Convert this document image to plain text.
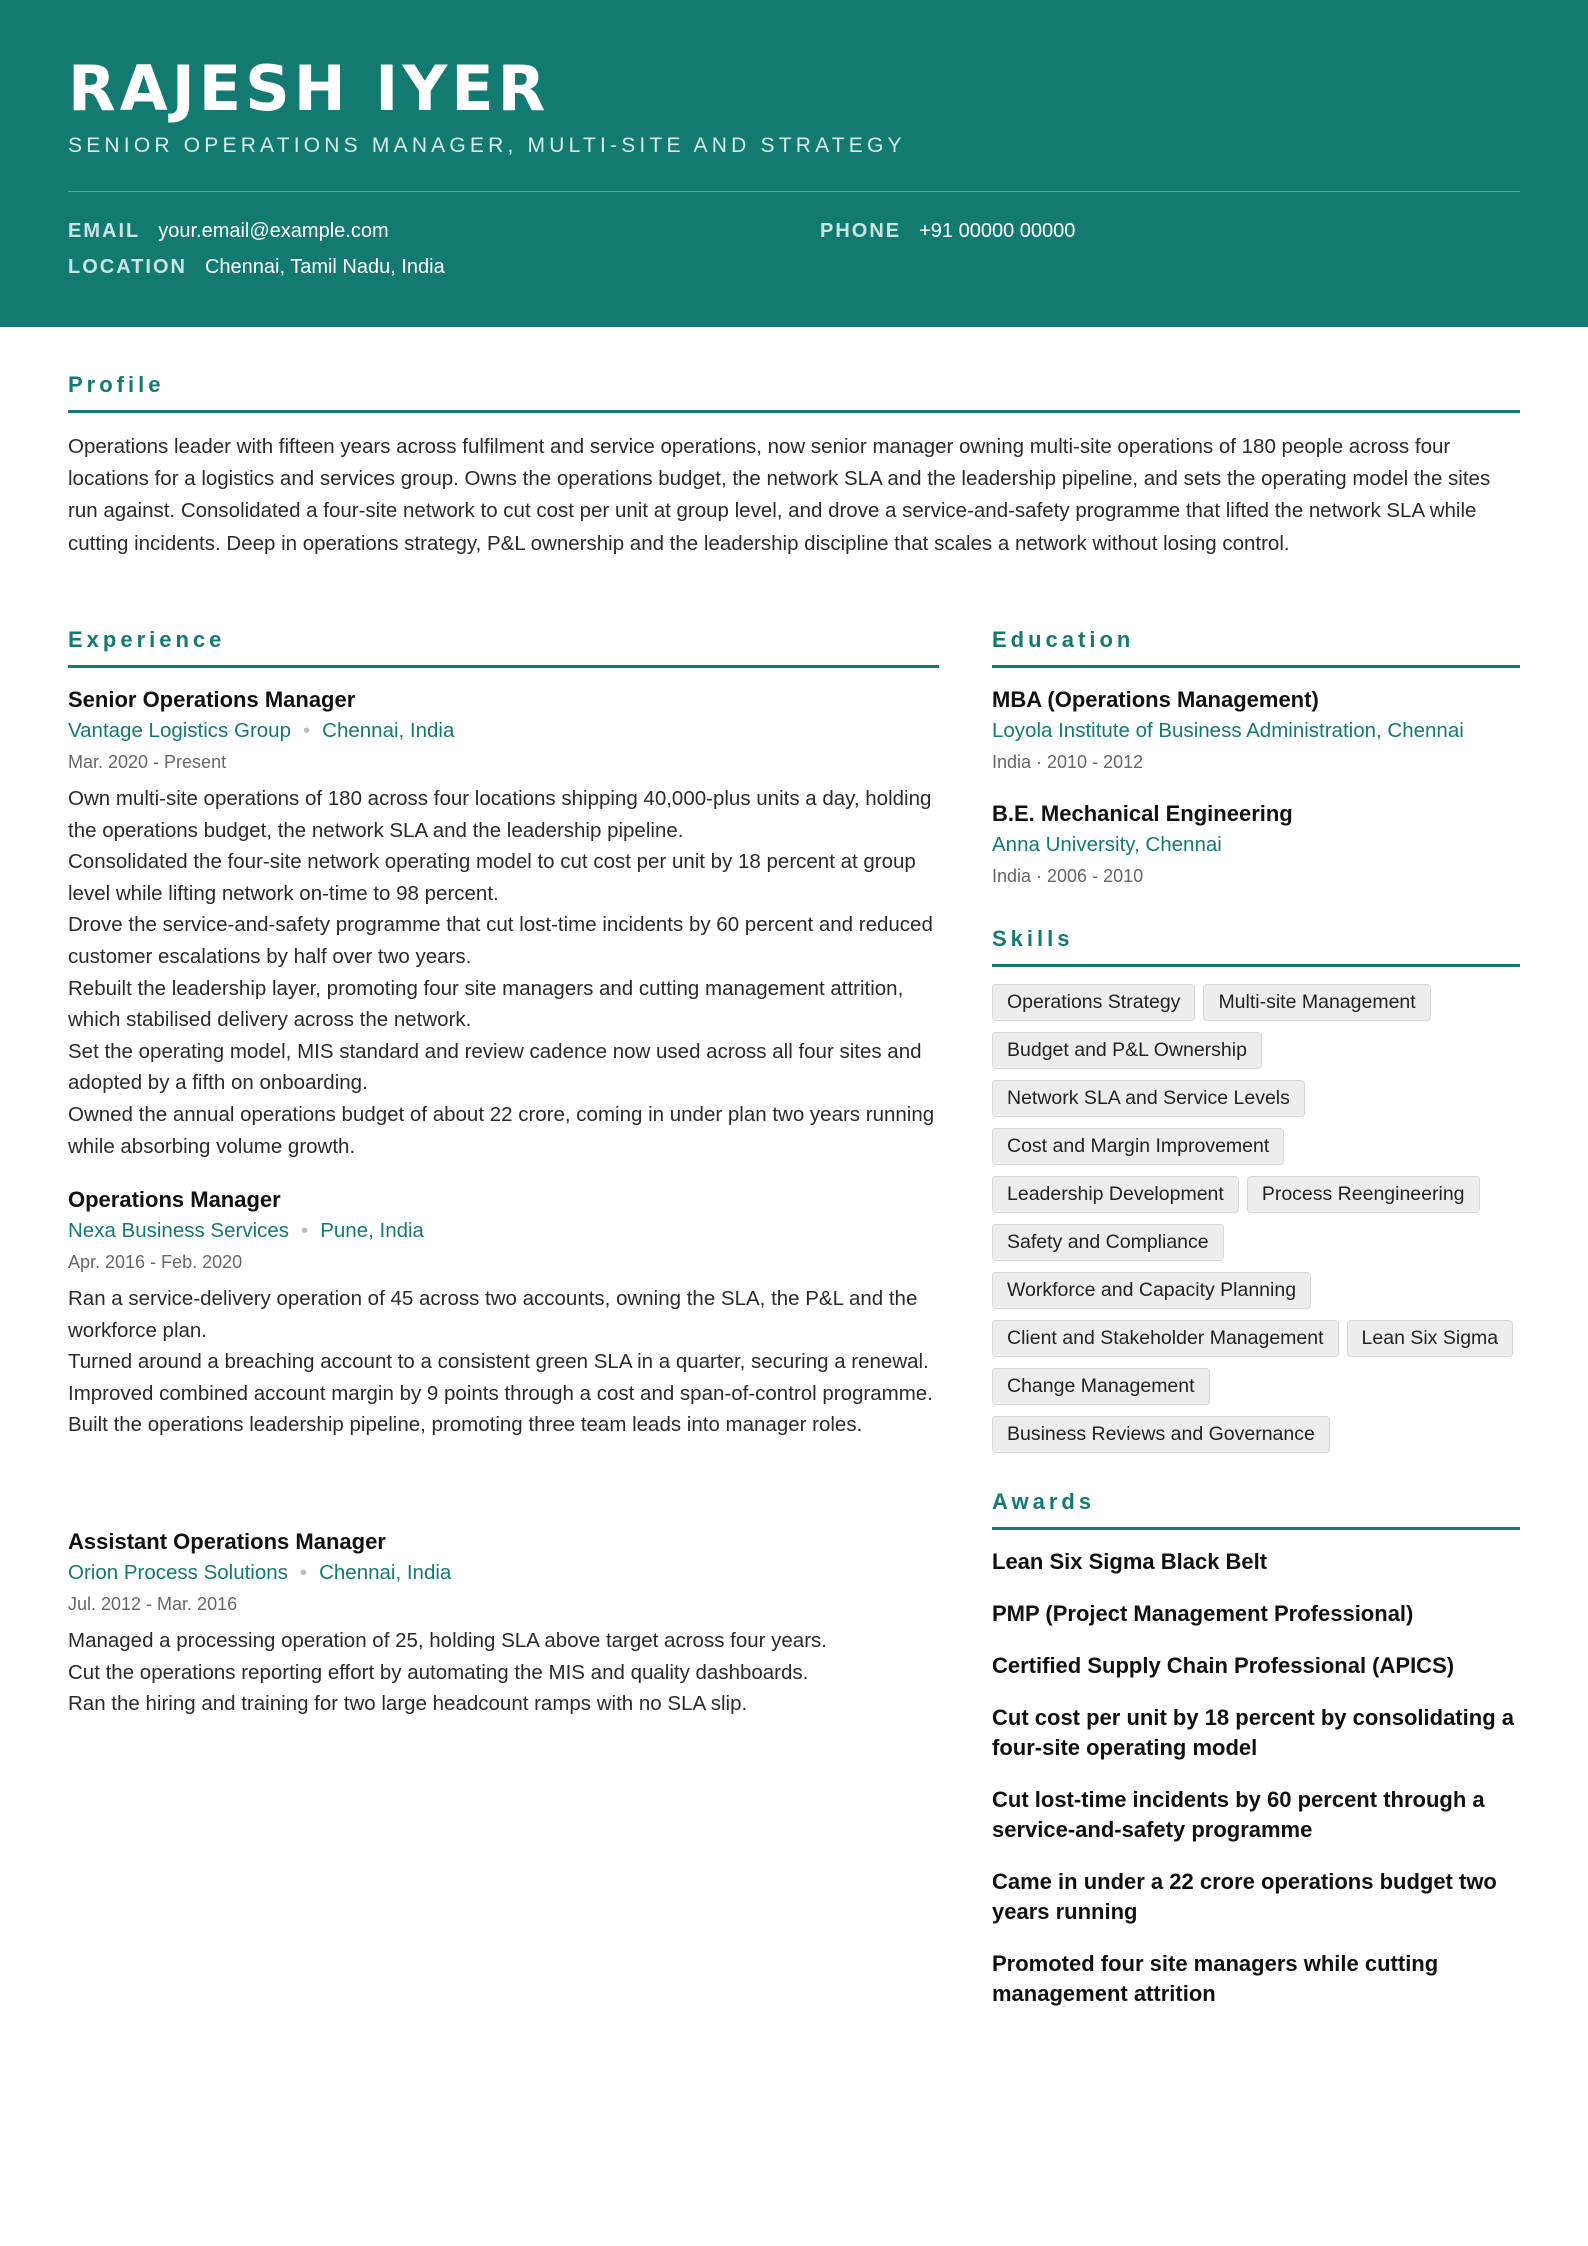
RAJESH IYER
SENIOR OPERATIONS MANAGER, MULTI-SITE AND STRATEGY
EMAIL your.email@example.com	PHONE +91 00000 00000
LOCATION Chennai, Tamil Nadu, India
Profile
Operations leader with fifteen years across fulfilment and service operations, now senior manager owning multi-site operations of 180 people across four locations for a logistics and services group. Owns the operations budget, the network SLA and the leadership pipeline, and sets the operating model the sites run against. Consolidated a four-site network to cut cost per unit at group level, and drove a service-and-safety programme that lifted the network SLA while cutting incidents. Deep in operations strategy, P&L ownership and the leadership discipline that scales a network without losing control.
Experience
Senior Operations Manager
Vantage Logistics Group • Chennai, India
Mar. 2020 - Present
Own multi-site operations of 180 across four locations shipping 40,000-plus units a day, holding the operations budget, the network SLA and the leadership pipeline.
Consolidated the four-site network operating model to cut cost per unit by 18 percent at group level while lifting network on-time to 98 percent.
Drove the service-and-safety programme that cut lost-time incidents by 60 percent and reduced customer escalations by half over two years.
Rebuilt the leadership layer, promoting four site managers and cutting management attrition, which stabilised delivery across the network.
Set the operating model, MIS standard and review cadence now used across all four sites and adopted by a fifth on onboarding.
Owned the annual operations budget of about 22 crore, coming in under plan two years running while absorbing volume growth.
Operations Manager
Nexa Business Services • Pune, India
Apr. 2016 - Feb. 2020
Ran a service-delivery operation of 45 across two accounts, owning the SLA, the P&L and the workforce plan.
Turned around a breaching account to a consistent green SLA in a quarter, securing a renewal.
Improved combined account margin by 9 points through a cost and span-of-control programme.
Built the operations leadership pipeline, promoting three team leads into manager roles.
Assistant Operations Manager
Orion Process Solutions • Chennai, India
Jul. 2012 - Mar. 2016
Managed a processing operation of 25, holding SLA above target across four years.
Cut the operations reporting effort by automating the MIS and quality dashboards.
Ran the hiring and training for two large headcount ramps with no SLA slip.
Education
MBA (Operations Management)
Loyola Institute of Business Administration, Chennai
India · 2010 - 2012
B.E. Mechanical Engineering
Anna University, Chennai
India · 2006 - 2010
Skills
Operations Strategy	Multi-site Management
Budget and P&L Ownership
Network SLA and Service Levels
Cost and Margin Improvement
Leadership Development	Process Reengineering
Safety and Compliance
Workforce and Capacity Planning
Client and Stakeholder Management	Lean Six Sigma
Change Management
Business Reviews and Governance
Awards
Lean Six Sigma Black Belt
PMP (Project Management Professional)
Certified Supply Chain Professional (APICS)
Cut cost per unit by 18 percent by consolidating a four-site operating model
Cut lost-time incidents by 60 percent through a service-and-safety programme
Came in under a 22 crore operations budget two years running
Promoted four site managers while cutting management attrition
